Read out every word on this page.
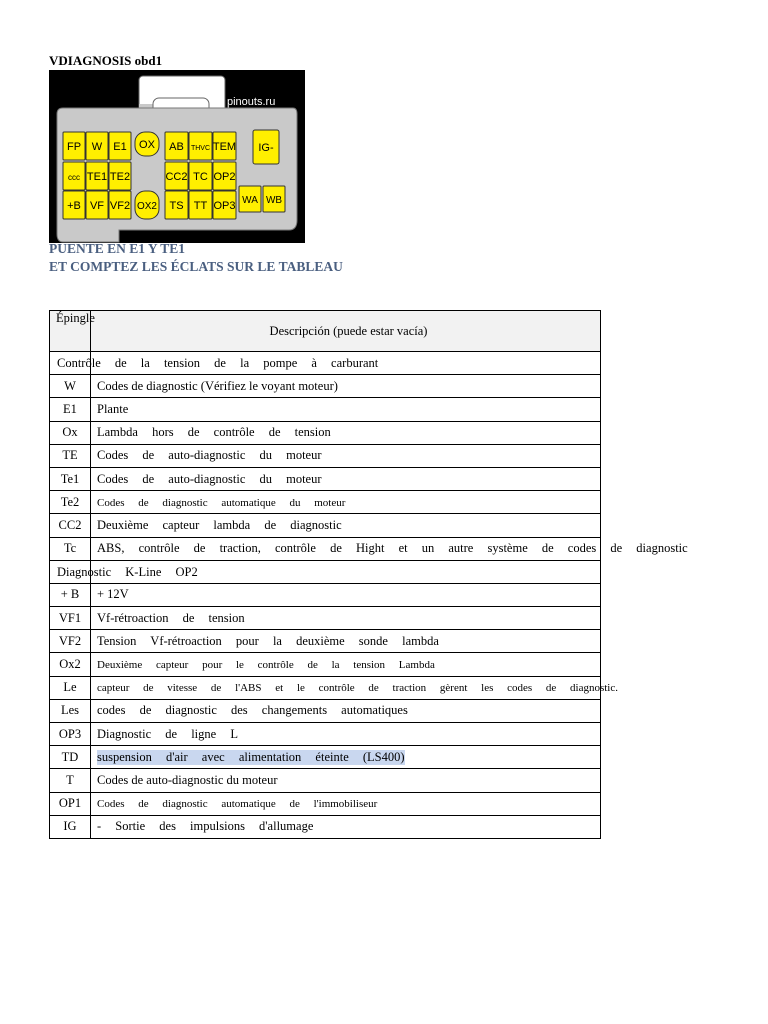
VDIAGNOSIS obd1
pinouts.ru
FP W E1
ccc TE1 TE2
+B VF VF2
OX
OX2
AB THVC TEM
CC2 TC OP2
TS TT OP3
IG-
WA WB
PUENTE EN E1 Y TE1
ET COMPTEZ LES ÉCLATS SUR LE TABLEAU
Épingle	Descripción (puede estar vacía)

	Contrôle de la tension de la pompe à carburant

W	Codes de diagnostic (Vérifiez le voyant moteur)
E1	Plante
Ox	Lambda hors de contrôle de tension
TE	Codes de auto-diagnostic du moteur
Te1	Codes de auto-diagnostic du moteur
Te2	Codes de diagnostic automatique du moteur
CC2	Deuxième capteur lambda de diagnostic
Tc	ABS, contrôle de traction, contrôle de Hight et un autre système de codes de diagnostic

	Diagnostic K-Line OP2

+ B	+ 12V
VF1	Vf-rétroaction de tension
VF2	Tension Vf-rétroaction pour la deuxième sonde lambda
Ox2	Deuxième capteur pour le contrôle de la tension Lambda
Le	capteur de vitesse de l'ABS et le contrôle de traction gèrent les codes de diagnostic.
Les	codes de diagnostic des changements automatiques
OP3	Diagnostic de ligne L
TD	suspension d'air avec alimentation éteinte (LS400)
T	Codes de auto-diagnostic du moteur
OP1	Codes de diagnostic automatique de l'immobiliseur
IG	- Sortie des impulsions d'allumage
